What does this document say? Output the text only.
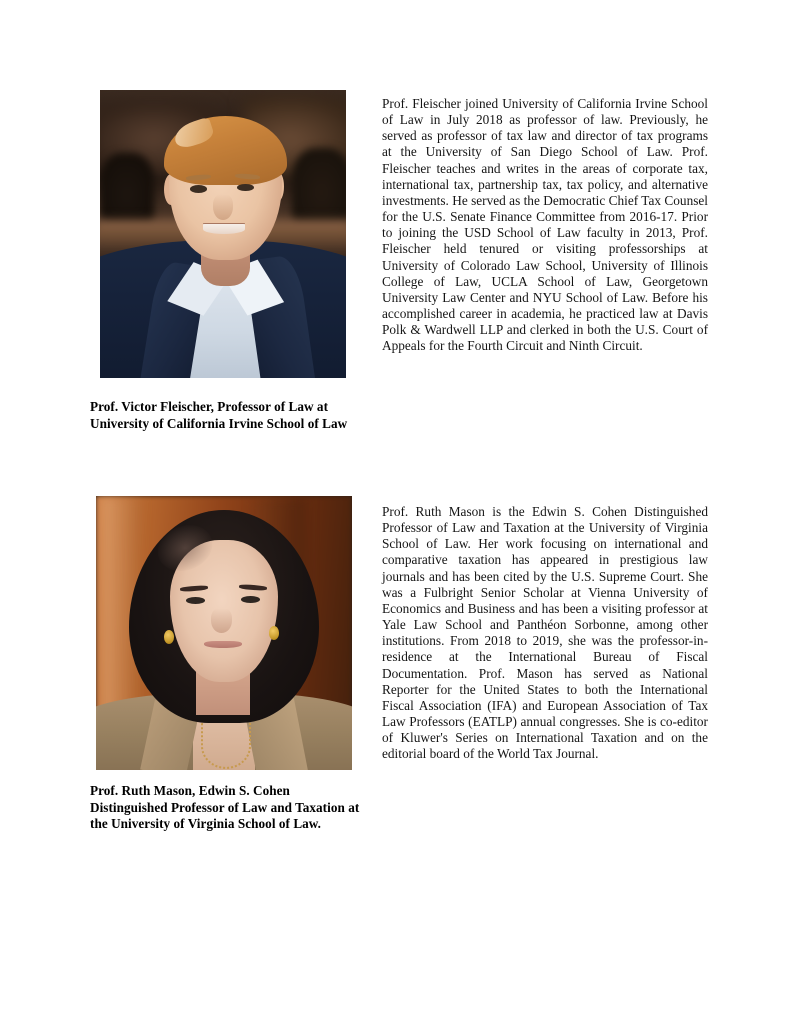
Prof. Victor Fleischer, Professor of Law at University of California Irvine School of Law
Prof. Fleischer joined University of California Irvine School of Law in July 2018 as professor of law. Previously, he served as professor of tax law and director of tax programs at the University of San Diego School of Law. Prof. Fleischer teaches and writes in the areas of corporate tax, international tax, partnership tax, tax policy, and alternative investments. He served as the Democratic Chief Tax Counsel for the U.S. Senate Finance Committee from 2016-17. Prior to joining the USD School of Law faculty in 2013, Prof. Fleischer held tenured or visiting professorships at University of Colorado Law School, University of Illinois College of Law, UCLA School of Law, Georgetown University Law Center and NYU School of Law. Before his accomplished career in academia, he practiced law at Davis Polk & Wardwell LLP and clerked in both the U.S. Court of Appeals for the Fourth Circuit and Ninth Circuit.
Prof. Ruth Mason, Edwin S. Cohen Distinguished Professor of Law and Taxation at the University of Virginia School of Law.
Prof. Ruth Mason is the Edwin S. Cohen Distinguished Professor of Law and Taxation at the University of Virginia School of Law. Her work focusing on international and comparative taxation has appeared in prestigious law journals and has been cited by the U.S. Supreme Court. She was a Fulbright Senior Scholar at Vienna University of Economics and Business and has been a visiting professor at Yale Law School and Panthéon Sorbonne, among other institutions. From 2018 to 2019, she was the professor-in-residence at the International Bureau of Fiscal Documentation. Prof. Mason has served as National Reporter for the United States to both the International Fiscal Association (IFA) and European Association of Tax Law Professors (EATLP) annual congresses. She is co-editor of Kluwer's Series on International Taxation and on the editorial board of the World Tax Journal.
